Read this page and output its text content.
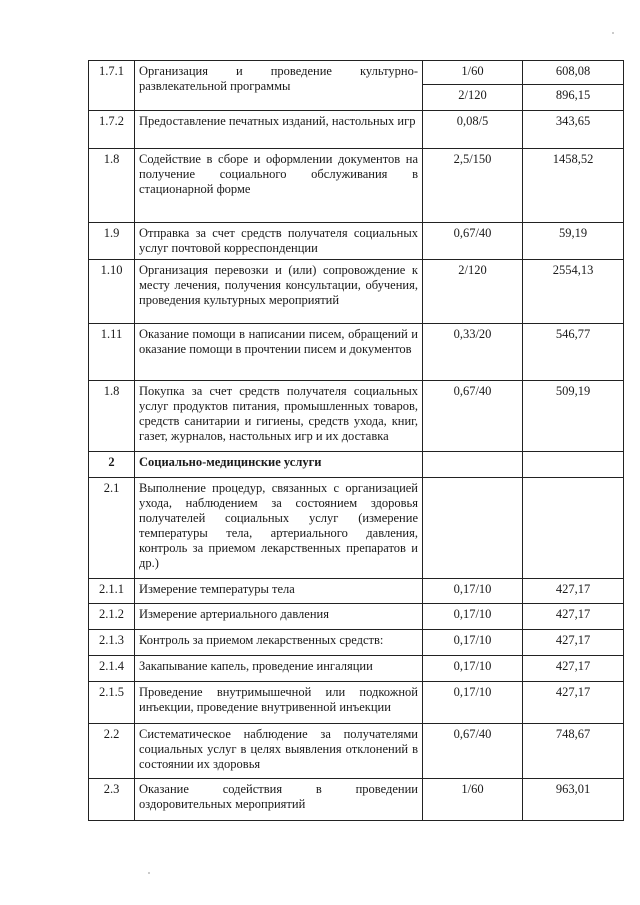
1.7.1	Организация и проведение культурно-развлекательной программы	1/60	608,08
		2/120	896,15
1.7.2	Предоставление печатных изданий, настольных игр	0,08/5	343,65
1.8	Содействие в сборе и оформлении документов на получение социального обслуживания в стационарной форме	2,5/150	1458,52
1.9	Отправка за счет средств получателя социальных услуг почтовой корреспонденции	0,67/40	59,19
1.10	Организация перевозки и (или) сопровождение к месту лечения, получения консультации, обучения, проведения культурных мероприятий	2/120	2554,13
1.11	Оказание помощи в написании писем, обращений и оказание помощи в прочтении писем и документов	0,33/20	546,77
1.8	Покупка за счет средств получателя социальных услуг продуктов питания, промышленных товаров, средств санитарии и гигиены, средств ухода, книг, газет, журналов, настольных игр и их доставка	0,67/40	509,19
2	Социально-медицинские услуги		
2.1	Выполнение процедур, связанных с организацией ухода, наблюдением за состоянием здоровья получателей социальных услуг (измерение температуры тела, артериального давления, контроль за приемом лекарственных препаратов и др.)		
2.1.1	Измерение температуры тела	0,17/10	427,17
2.1.2	Измерение артериального давления	0,17/10	427,17
2.1.3	Контроль за приемом лекарственных средств:	0,17/10	427,17
2.1.4	Закапывание капель, проведение ингаляции	0,17/10	427,17
2.1.5	Проведение внутримышечной или подкожной инъекции, проведение внутривенной инъекции	0,17/10	427,17
2.2	Систематическое наблюдение за получателями социальных услуг в целях выявления отклонений в состоянии их здоровья	0,67/40	748,67
2.3	Оказание содействия в проведении оздоровительных мероприятий	1/60	963,01
